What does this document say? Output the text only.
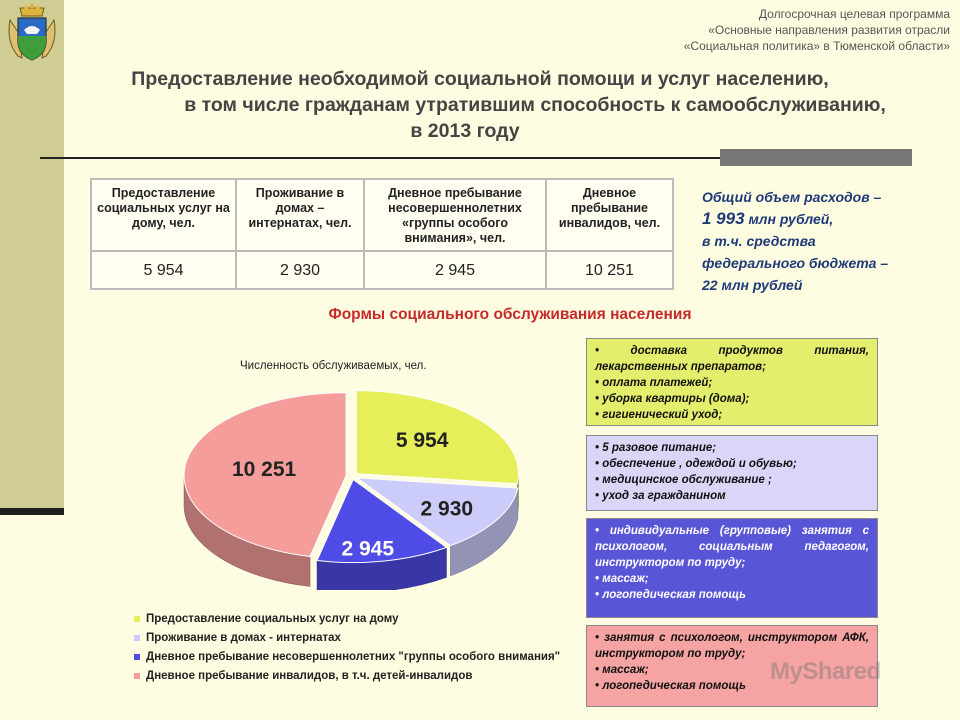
Долгосрочная целевая программа
«Основные направления развития отрасли
«Социальная политика» в Тюменской области»
Предоставление необходимой социальной помощи и услуг населению,
в том числе гражданам утратившим способность к самообслуживанию,
в 2013 году
Предоставление социальных услуг на дому, чел.	Проживание в домах – интернатах, чел.	Дневное пребывание несовершеннолетних «группы особого внимания», чел.	Дневное пребывание инвалидов, чел.
5 954	2 930	2 945	10 251
Общий объем расходов –
1 993 млн рублей,
в т.ч. средства
федерального бюджета –
22 млн рублей
Формы социального обслуживания населения
Численность обслуживаемых, чел.
5 954
2 930
2 945
10 251
Предоставление социальных услуг на дому
Проживание в домах - интернатах
Дневное пребывание несовершеннолетних "группы особого внимания"
Дневное пребывание инвалидов, в т.ч. детей-инвалидов
• доставка продуктов питания, лекарственных препаратов;
• оплата платежей;
• уборка квартиры (дома);
• гигиенический уход;
• 5 разовое питание;
• обеспечение , одеждой и обувью;
• медицинское обслуживание ;
• уход за гражданином
• индивидуальные (групповые) занятия с психологом, социальным педагогом, инструктором по труду;
• массаж;
• логопедическая помощь
• занятия с психологом, инструктором АФК, инструктором по труду;
• массаж;
• логопедическая помощь
MyShared
